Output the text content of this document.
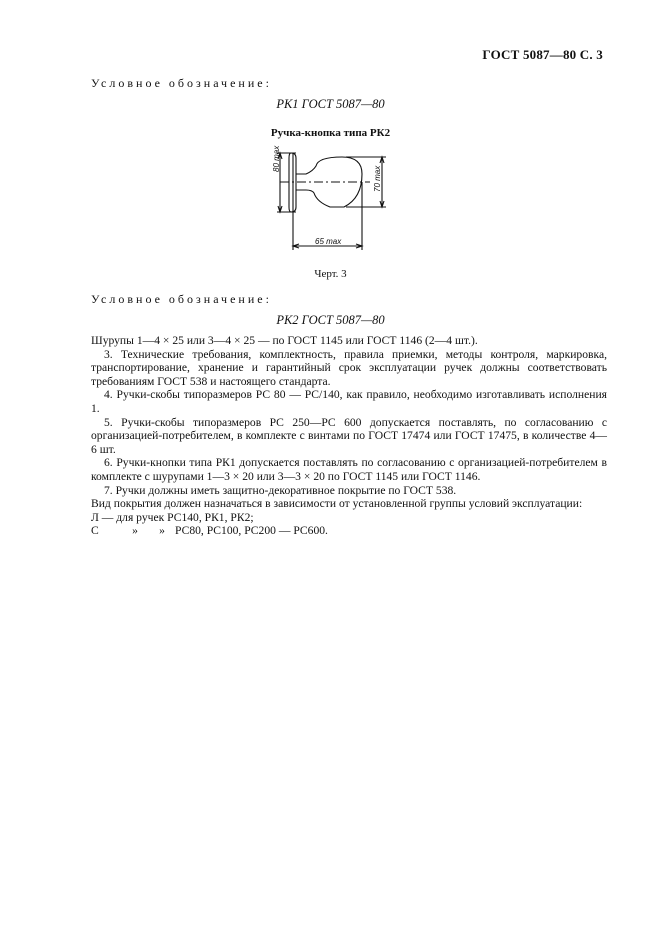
ГОСТ 5087—80 С. 3
Условное обозначение:
РК1 ГОСТ 5087—80
Ручка-кнопка типа РК2
80 max
70 max
65 max
Черт. 3
Условное обозначение:
РК2 ГОСТ 5087—80

Шурупы 1—4 × 25 или 3—4 × 25 — по ГОСТ 1145 или ГОСТ 1146 (2—4 шт.).

3. Технические требования, комплектность, правила приемки, методы контроля, маркировка, транспортирование, хранение и гарантийный срок эксплуатации ручек должны соответствовать требованиям ГОСТ 538 и настоящего стандарта.

4. Ручки-скобы типоразмеров РС 80 — РС/140, как правило, необходимо изготавливать исполнения 1.

5. Ручки-скобы типоразмеров РС 250—РС 600 допускается поставлять, по согласованию с организацией-потребителем, в комплекте с винтами по ГОСТ 17474 или ГОСТ 17475, в количестве 4—6 шт.

6. Ручки-кнопки типа РК1 допускается поставлять по согласованию с организацией-потребителем в комплекте с шурупами 1—3 × 20 или 3—3 × 20 по ГОСТ 1145 или ГОСТ 1146.

7. Ручки должны иметь защитно-декоративное покрытие по ГОСТ 538.

Вид покрытия должен назначаться в зависимости от установленной группы условий эксплуатации:

Л — для ручек РС140, РК1, РК2;
С	»	» РС80, РС100, РС200 — РС600.
